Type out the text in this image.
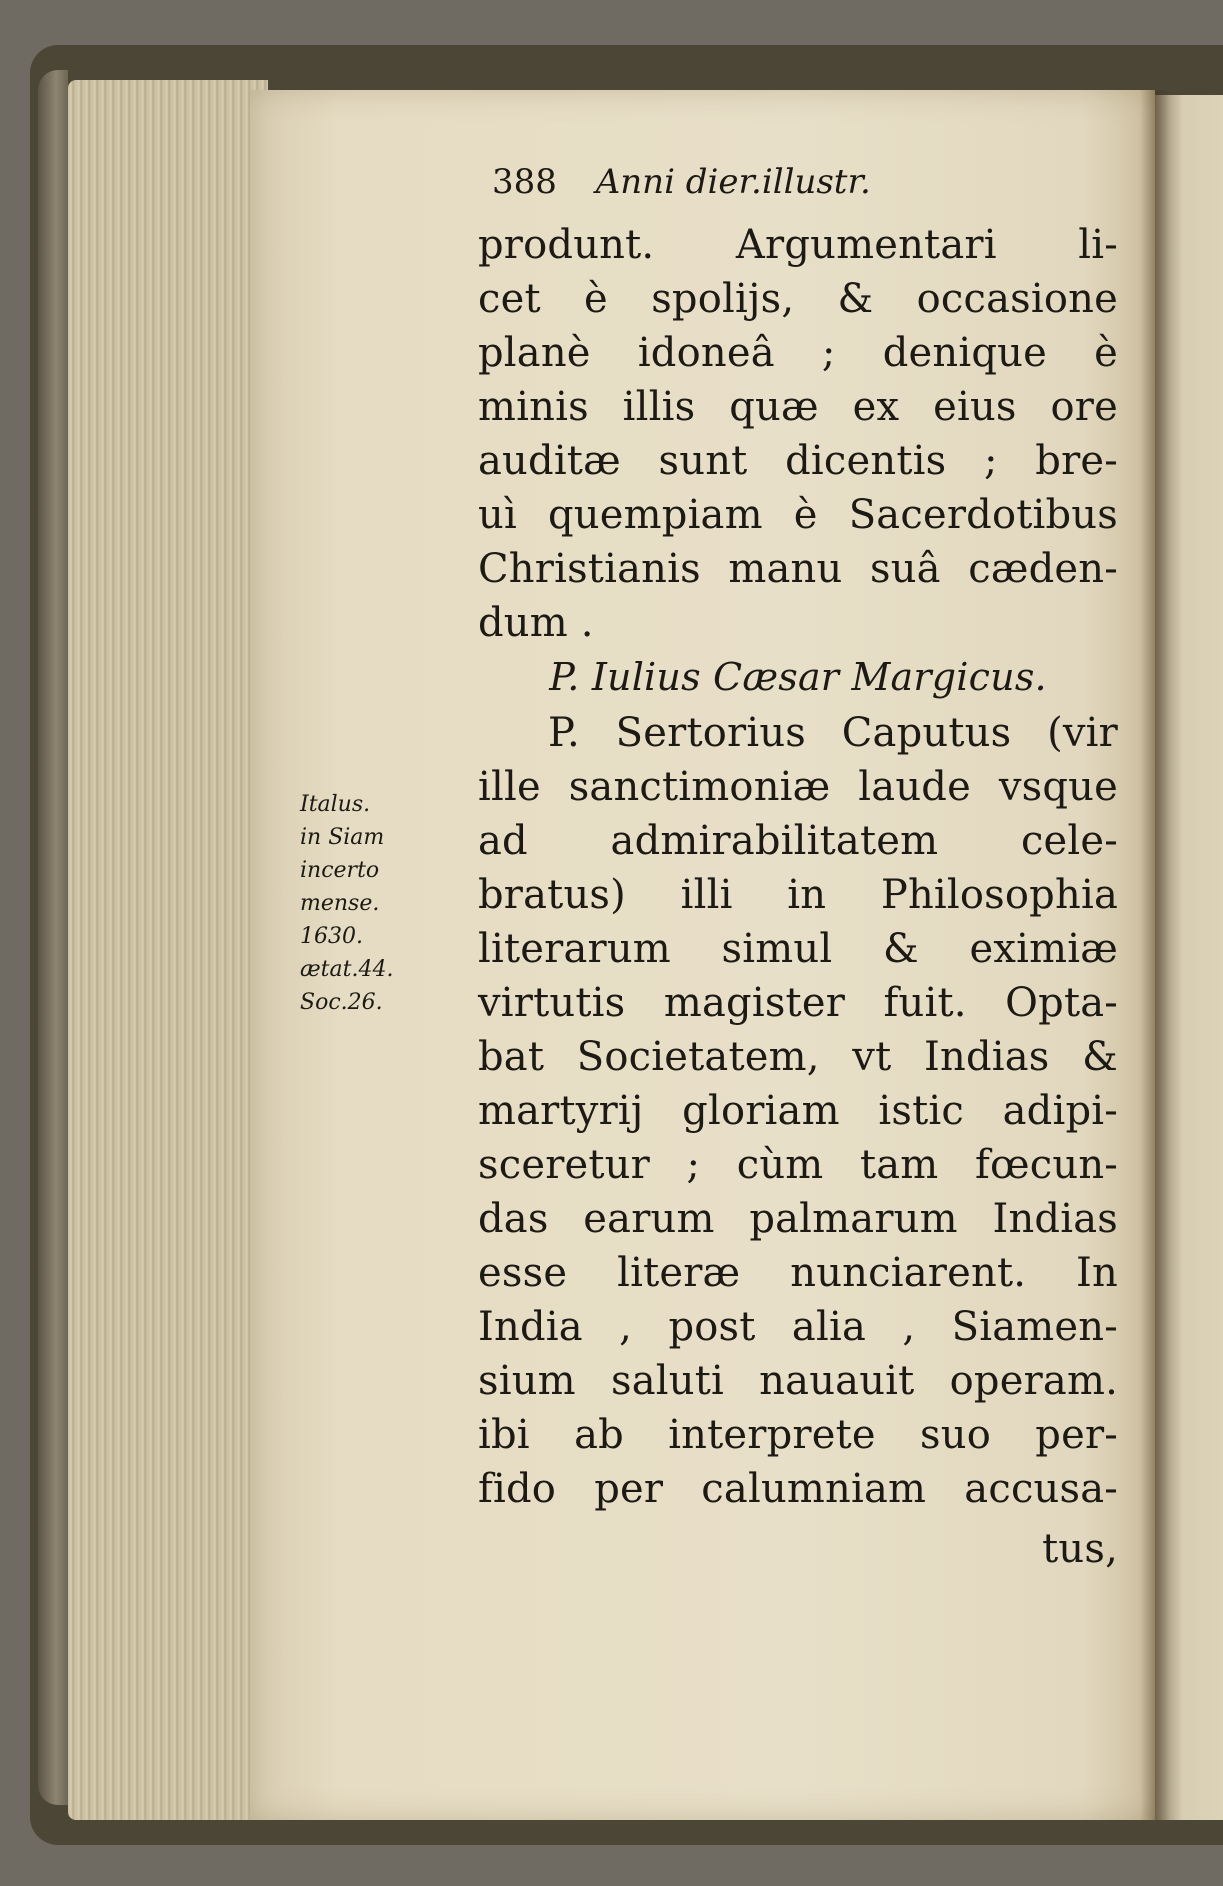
388 Anni dier.illustr.
produnt. Argumentari li-
cet è spolijs, & occasione
planè idoneâ ; denique è
minis illis quæ ex eius ore
auditæ sunt dicentis ; bre-
uì quempiam è Sacerdotibus
Christianis manu suâ cæden-
dum .
P. Iulius Cæsar Margicus.
P. Sertorius Caputus (vir
ille sanctimoniæ laude vsque
ad admirabilitatem cele-
bratus) illi in Philosophia
literarum simul & eximiæ
virtutis magister fuit. Opta-
bat Societatem, vt Indias &
martyrij gloriam istic adipi-
sceretur ; cùm tam fœcun-
das earum palmarum Indias
esse literæ nunciarent. In
India , post alia , Siamen-
sium saluti nauauit operam.
ibi ab interprete suo per-
fido per calumniam accusa-
tus,
Italus.
in Siam
incerto
mense.
1630.
ætat.44.
Soc.26.
